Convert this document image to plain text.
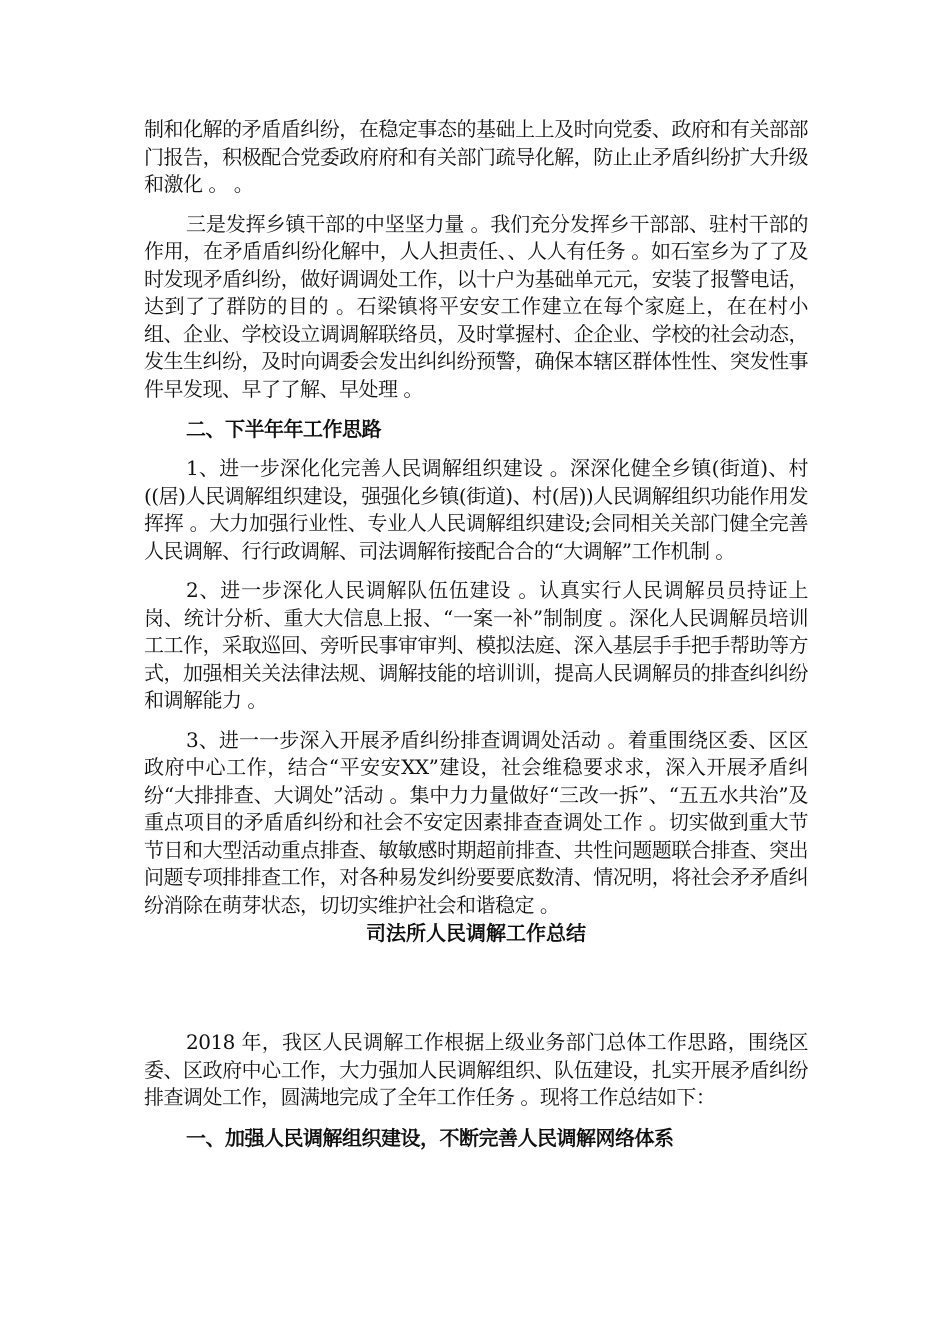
制和化解的矛盾盾纠纷，在稳定事态的基础上上及时向党委、政府和有关部部门报告，积极配合党委政府府和有关部门疏导化解，防止止矛盾纠纷扩大升级和激化 。 。

三是发挥乡镇干部的中坚坚力量 。我们充分发挥乡干部部、驻村干部的作用，在矛盾盾纠纷化解中，人人担责任、、人人有任务 。如石室乡为了了及时发现矛盾纠纷，做好调调处工作，以十户为基础单元元，安装了报警电话，达到了了群防的目的 。石梁镇将平安安工作建立在每个家庭上，在在村小组、企业、学校设立调调解联络员，及时掌握村、企企业、学校的社会动态，发生生纠纷，及时向调委会发出纠纠纷预警，确保本辖区群体性性、突发性事件早发现、早了了解、早处理 。

二、下半年年工作思路

1、进一步深化化完善人民调解组织建设 。深深化健全乡镇(街道)、村((居)人民调解组织建设，强强化乡镇(街道)、村(居))人民调解组织功能作用发挥挥 。大力加强行业性、专业人人民调解组织建设;会同相关关部门健全完善人民调解、行行政调解、司法调解衔接配合合的“大调解”工作机制 。

2、进一步深化人民调解队伍伍建设 。认真实行人民调解员员持证上岗、统计分析、重大大信息上报、“一案一补”制制度 。深化人民调解员培训工工作，采取巡回、旁听民事审审判、模拟法庭、深入基层手手把手帮助等方式，加强相关关法律法规、调解技能的培训训，提高人民调解员的排查纠纠纷和调解能力 。

3、进一一步深入开展矛盾纠纷排查调调处活动 。着重围绕区委、区区政府中心工作，结合“平安安XX”建设，社会维稳要求求，深入开展矛盾纠纷“大排排查、大调处”活动 。集中力力量做好“三改一拆”、“五五水共治”及重点项目的矛盾盾纠纷和社会不安定因素排查查调处工作 。切实做到重大节节日和大型活动重点排查、敏敏感时期超前排查、共性问题题联合排查、突出问题专项排排查工作，对各种易发纠纷要要底数清、情况明，将社会矛矛盾纠纷消除在萌芽状态，切切实维护社会和谐稳定 。

司法所人民调解工作总结

2018 年，我区人民调解工作根据上级业务部门总体工作思路，围绕区委、区政府中心工作，大力强加人民调解组织、队伍建设，扎实开展矛盾纠纷排查调处工作，圆满地完成了全年工作任务 。现将工作总结如下：

一、加强人民调解组织建设，不断完善人民调解网络体系
